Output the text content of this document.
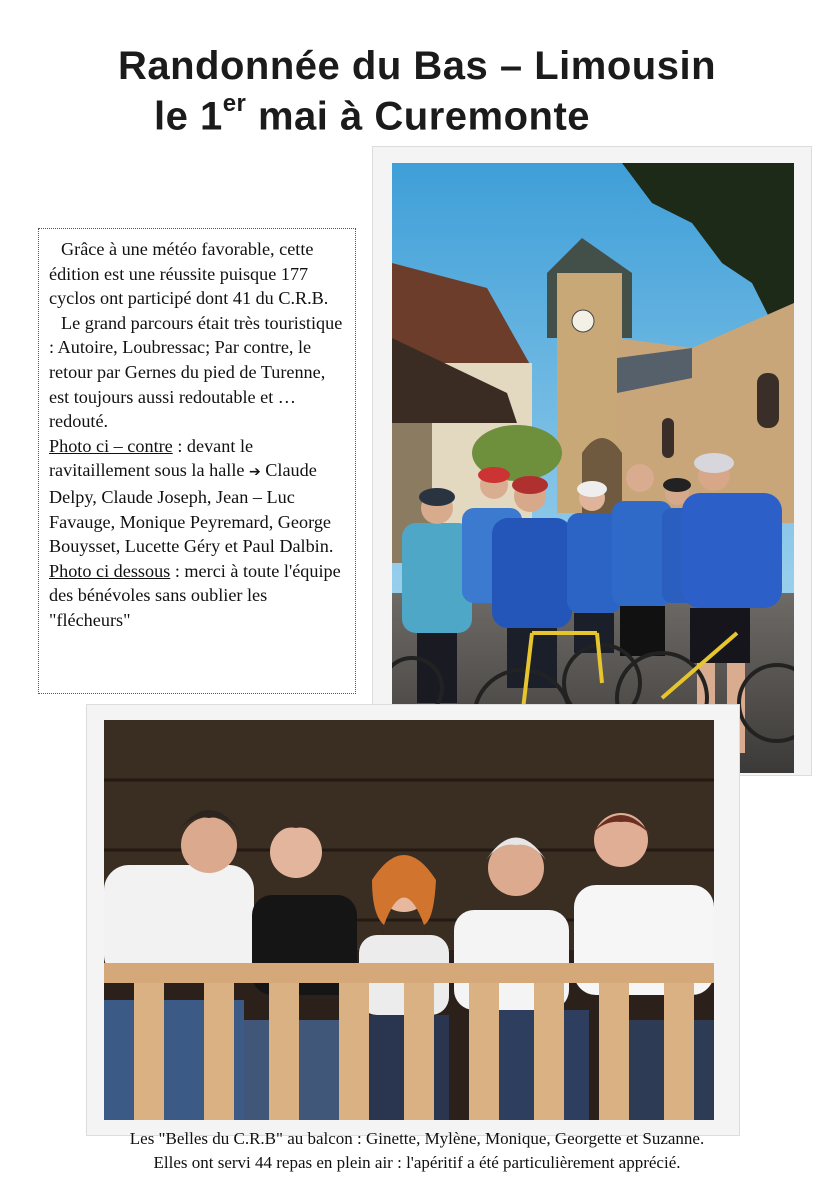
Randonnée du Bas – Limousin
le 1er mai à Curemonte

Grâce à une météo favorable, cette édition est une réussite puisque 177 cyclos ont participé dont 41 du C.R.B.

Le grand parcours était très touristique : Autoire, Loubressac; Par contre, le retour par Gernes du pied de Turenne, est toujours aussi redoutable et …redouté.

Photo ci – contre : devant le ravitaillement sous la halle ➔ Claude Delpy, Claude Joseph, Jean – Luc Favauge, Monique Peyremard, George Bouysset, Lucette Géry et Paul Dalbin.

Photo ci dessous : merci à toute l'équipe des bénévoles sans oublier les "flécheurs"

Les "Belles du C.R.B" au balcon : Ginette, Mylène, Monique, Georgette et Suzanne.
Elles ont servi 44 repas en plein air : l'apéritif a été particulièrement apprécié.
